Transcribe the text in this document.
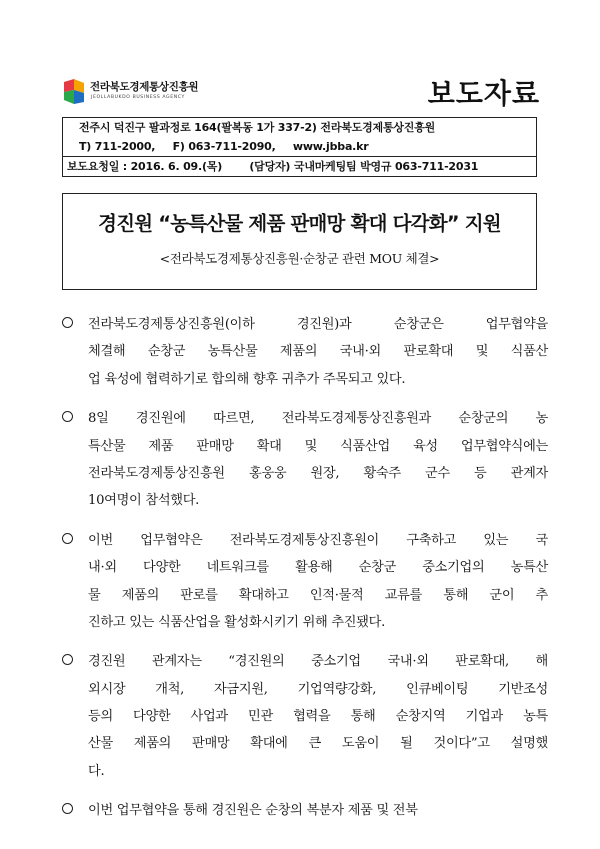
전라북도경제통상진흥원
JEOLLABUKDO BUSINESS AGENCY	보도자료
전주시 덕진구 팔과정로 164(팔복동 1가 337-2) 전라북도경제통상진흥원
T) 711-2000, F) 063-711-2090, www.jbba.kr
보도요청일 : 2016. 6. 09.(목) (담당자) 국내마케팅팀 박영규 063-711-2031
경진원 “농특산물 제품 판매망 확대 다각화” 지원
<전라북도경제통상진흥원·순창군 관련 MOU 체결>
전라북도경제통상진흥원(이하 경진원)과 순창군은 업무협약을
체결해 순창군 농특산물 제품의 국내·외 판로확대 및 식품산
업 육성에 협력하기로 합의해 향후 귀추가 주목되고 있다.
8일 경진원에 따르면, 전라북도경제통상진흥원과 순창군의 농
특산물 제품 판매망 확대 및 식품산업 육성 업무협약식에는
전라북도경제통상진흥원 홍웅웅 원장, 황숙주 군수 등 관계자
10여명이 참석했다.
이번 업무협약은 전라북도경제통상진흥원이 구축하고 있는 국
내·외 다양한 네트워크를 활용해 순창군 중소기업의 농특산
물 제품의 판로를 확대하고 인적·물적 교류를 통해 군이 추
진하고 있는 식품산업을 활성화시키기 위해 추진됐다.
경진원 관계자는 “경진원의 중소기업 국내·외 판로확대, 해
외시장 개척, 자금지원, 기업역량강화, 인큐베이팅 기반조성
등의 다양한 사업과 민관 협력을 통해 순창지역 기업과 농특
산물 제품의 판매망 확대에 큰 도움이 될 것이다”고 설명했
다.
이번 업무협약을 통해 경진원은 순창의 복분자 제품 및 전북
